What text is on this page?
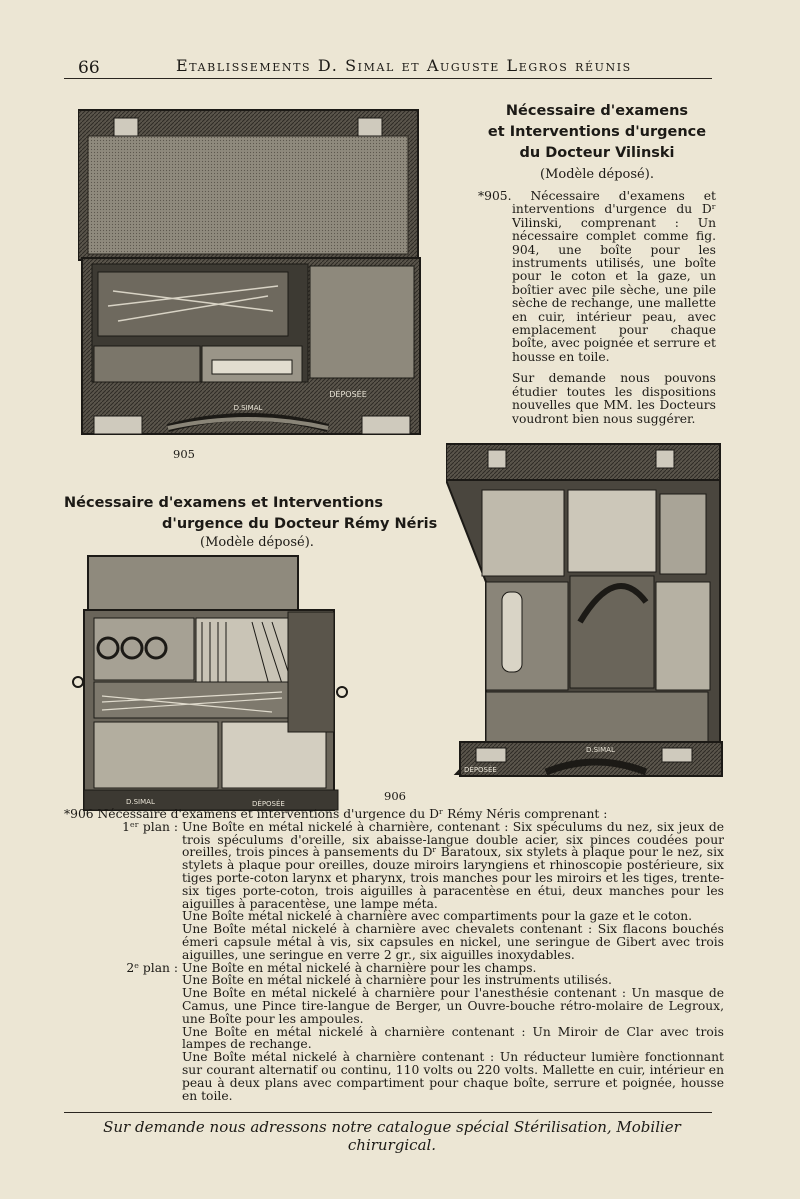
66	Etablissements D. Simal et Auguste Legros réunis
D.SIMAL
DÉPOSÉE
905
Nécessaire d'examens
et Interventions d'urgence
du Docteur Vilinski
(Modèle déposé).

*905. Nécessaire d'examens et interventions d'urgence du Dʳ Vilinski, comprenant : Un nécessaire complet comme fig. 904, une boîte pour les instruments utilisés, une boîte pour le coton et la gaze, un boîtier avec pile sèche, une pile sèche de rechange, une mallette en cuir, intérieur peau, avec emplacement pour chaque boîte, avec poignée et serrure et housse en toile.

Sur demande nous pouvons étudier toutes les dispositions nouvelles que MM. les Docteurs voudront bien nous suggérer.

Nécessaire d'examens et Interventions
d'urgence du Docteur Rémy Néris
(Modèle déposé).
D.SIMAL	DÉPOSÉE
906
D.SIMAL
DÉPOSÉE

*906 Nécessaire d'examens et interventions d'urgence du Dʳ Rémy Néris comprenant :

1ᵉʳ plan : Une Boîte en métal nickelé à charnière, contenant : Six spéculums du nez, six jeux de trois spéculums d'oreille, six abaisse-langue double acier, six pinces coudées pour oreilles, trois pinces à pansements du Dʳ Baratoux, six stylets à plaque pour le nez, six stylets à plaque pour oreilles, douze miroirs laryngiens et rhinoscopie postérieure, six tiges porte-coton larynx et pharynx, trois manches pour les miroirs et les tiges, trente-six tiges porte-coton, trois aiguilles à paracentèse en étui, deux manches pour les aiguilles à paracentèse, une lampe méta.

Une Boîte métal nickelé à charnière avec compartiments pour la gaze et le coton.

Une Boîte métal nickelé à charnière avec chevalets contenant : Six flacons bouchés émeri capsule métal à vis, six capsules en nickel, une seringue de Gibert avec trois aiguilles, une seringue en verre 2 gr., six aiguilles inoxydables.

2ᵉ plan : Une Boîte en métal nickelé à charnière pour les champs.

Une Boîte en métal nickelé à charnière pour les instruments utilisés.

Une Boîte en métal nickelé à charnière pour l'anesthésie contenant : Un masque de Camus, une Pince tire-langue de Berger, un Ouvre-bouche rétro-molaire de Legroux, une Boîte pour les ampoules.

Une Boîte en métal nickelé à charnière contenant : Un Miroir de Clar avec trois lampes de rechange.

Une Boîte métal nickelé à charnière contenant : Un réducteur lumière fonctionnant sur courant alternatif ou continu, 110 volts ou 220 volts. Mallette en cuir, intérieur en peau à deux plans avec compartiment pour chaque boîte, serrure et poignée, housse en toile.

Sur demande nous adressons notre catalogue spécial Stérilisation, Mobilier chirurgical.
